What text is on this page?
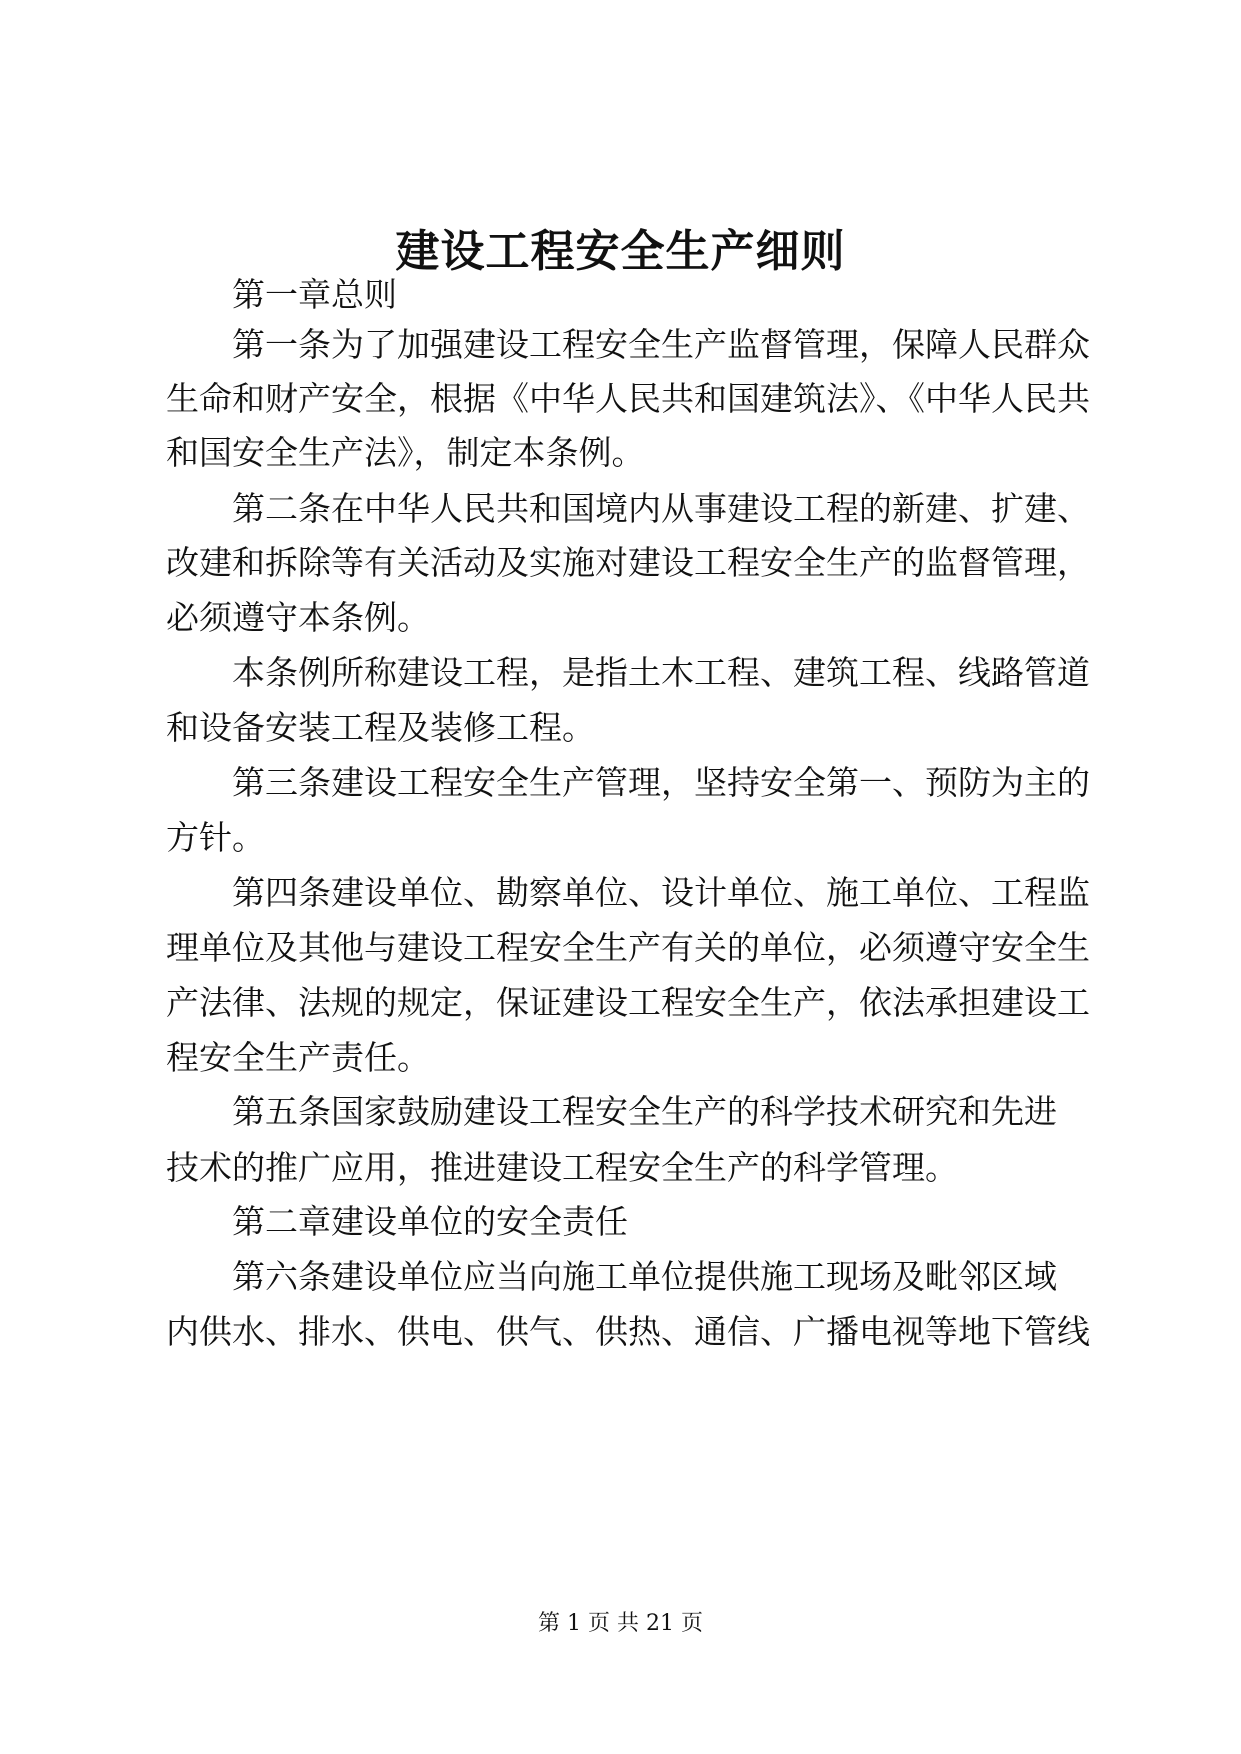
建设工程安全生产细则

第一章总则

第一条为了加强建设工程安全生产监督管理，保障人民群众

生命和财产安全，根据《中华人民共和国建筑法》、《中华人民共

和国安全生产法》，制定本条例。

第二条在中华人民共和国境内从事建设工程的新建、扩建、

改建和拆除等有关活动及实施对建设工程安全生产的监督管理，

必须遵守本条例。

本条例所称建设工程，是指土木工程、建筑工程、线路管道

和设备安装工程及装修工程。

第三条建设工程安全生产管理，坚持安全第一、预防为主的

方针。

第四条建设单位、勘察单位、设计单位、施工单位、工程监

理单位及其他与建设工程安全生产有关的单位，必须遵守安全生

产法律、法规的规定，保证建设工程安全生产，依法承担建设工

程安全生产责任。

第五条国家鼓励建设工程安全生产的科学技术研究和先进

技术的推广应用，推进建设工程安全生产的科学管理。

第二章建设单位的安全责任

第六条建设单位应当向施工单位提供施工现场及毗邻区域

内供水、排水、供电、供气、供热、通信、广播电视等地下管线

第 1 页 共 21 页
